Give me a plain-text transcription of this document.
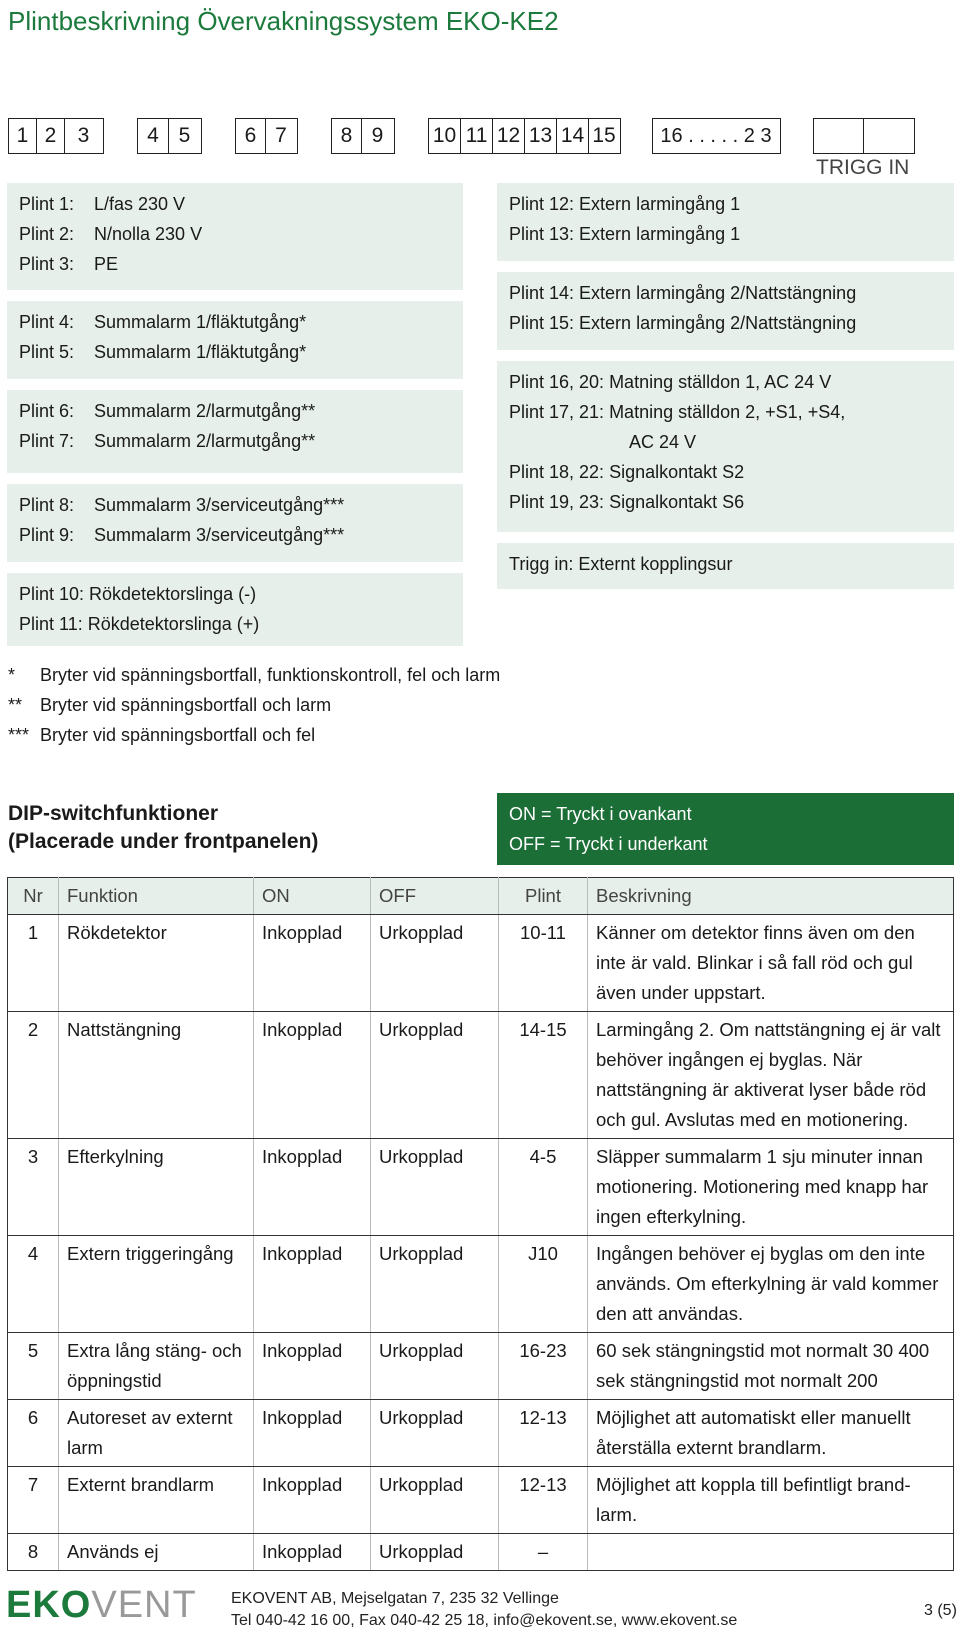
Plintbeskrivning Övervakningssystem EKO-KE2
1 2	3	4 5	6 7	8 9	10 11 12 13 14 15	16 . . . . . 2 3
TRIGG IN
Plint 1:	L/fas 230 V
Plint 2:	N/nolla 230 V
Plint 3:	PE
Plint 4:	Summalarm 1/fläktutgång*
Plint 5:	Summalarm 1/fläktutgång*
Plint 6:	Summalarm 2/larmutgång**
Plint 7:	Summalarm 2/larmutgång**
Plint 8:	Summalarm 3/serviceutgång***
Plint 9:	Summalarm 3/serviceutgång***
Plint 10: Rökdetektorslinga (-)
Plint 11: Rökdetektorslinga (+)
Plint 12: Extern larmingång 1
Plint 13: Extern larmingång 1
Plint 14: Extern larmingång 2/Nattstängning
Plint 15: Extern larmingång 2/Nattstängning
Plint 16, 20: Matning ställdon 1, AC 24 V
Plint 17, 21: Matning ställdon 2, +S1, +S4,
AC 24 V
Plint 18, 22: Signalkontakt S2
Plint 19, 23: Signalkontakt S6
Trigg in: Externt kopplingsur
*	Bryter vid spänningsbortfall, funktionskontroll, fel och larm
** Bryter vid spänningsbortfall och larm
*** Bryter vid spänningsbortfall och fel
DIP-switchfunktioner
(Placerade under frontpanelen)
ON = Tryckt i ovankant
OFF = Tryckt i underkant
Nr	Funktion	ON	OFF	Plint	Beskrivning
1	Rökdetektor	Inkopplad	Urkopplad	10-11	Känner om detektor finns även om den inte är vald. Blinkar i så fall röd och gul även under uppstart.
2	Nattstängning	Inkopplad	Urkopplad	14-15	Larmingång 2. Om nattstängning ej är valt behöver ingången ej byglas. När nattstängning är aktiverat lyser både röd och gul. Avslutas med en motionering.
3	Efterkylning	Inkopplad	Urkopplad	4-5	Släpper summalarm 1 sju minuter innan motionering. Motionering med knapp har ingen efterkylning.
4	Extern triggeringång	Inkopplad	Urkopplad	J10	Ingången behöver ej byglas om den inte används. Om efterkylning är vald kommer den att användas.
5	Extra lång stäng- och öppningstid	Inkopplad	Urkopplad	16-23	60 sek stängningstid mot normalt 30 400 sek stängningstid mot normalt 200
6	Autoreset av externt larm	Inkopplad	Urkopplad	12-13	Möjlighet att automatiskt eller manuellt återställa externt brandlarm.
7	Externt brandlarm	Inkopplad	Urkopplad	12-13	Möjlighet att koppla till befintligt brand- larm.
8	Används ej	Inkopplad	Urkopplad	–	
EKOVENT EKOVENT AB, Mejselgatan 7, 235 32 Vellinge
Tel 040-42 16 00, Fax 040-42 25 18, info@ekovent.se, www.ekovent.se
3 (5)
